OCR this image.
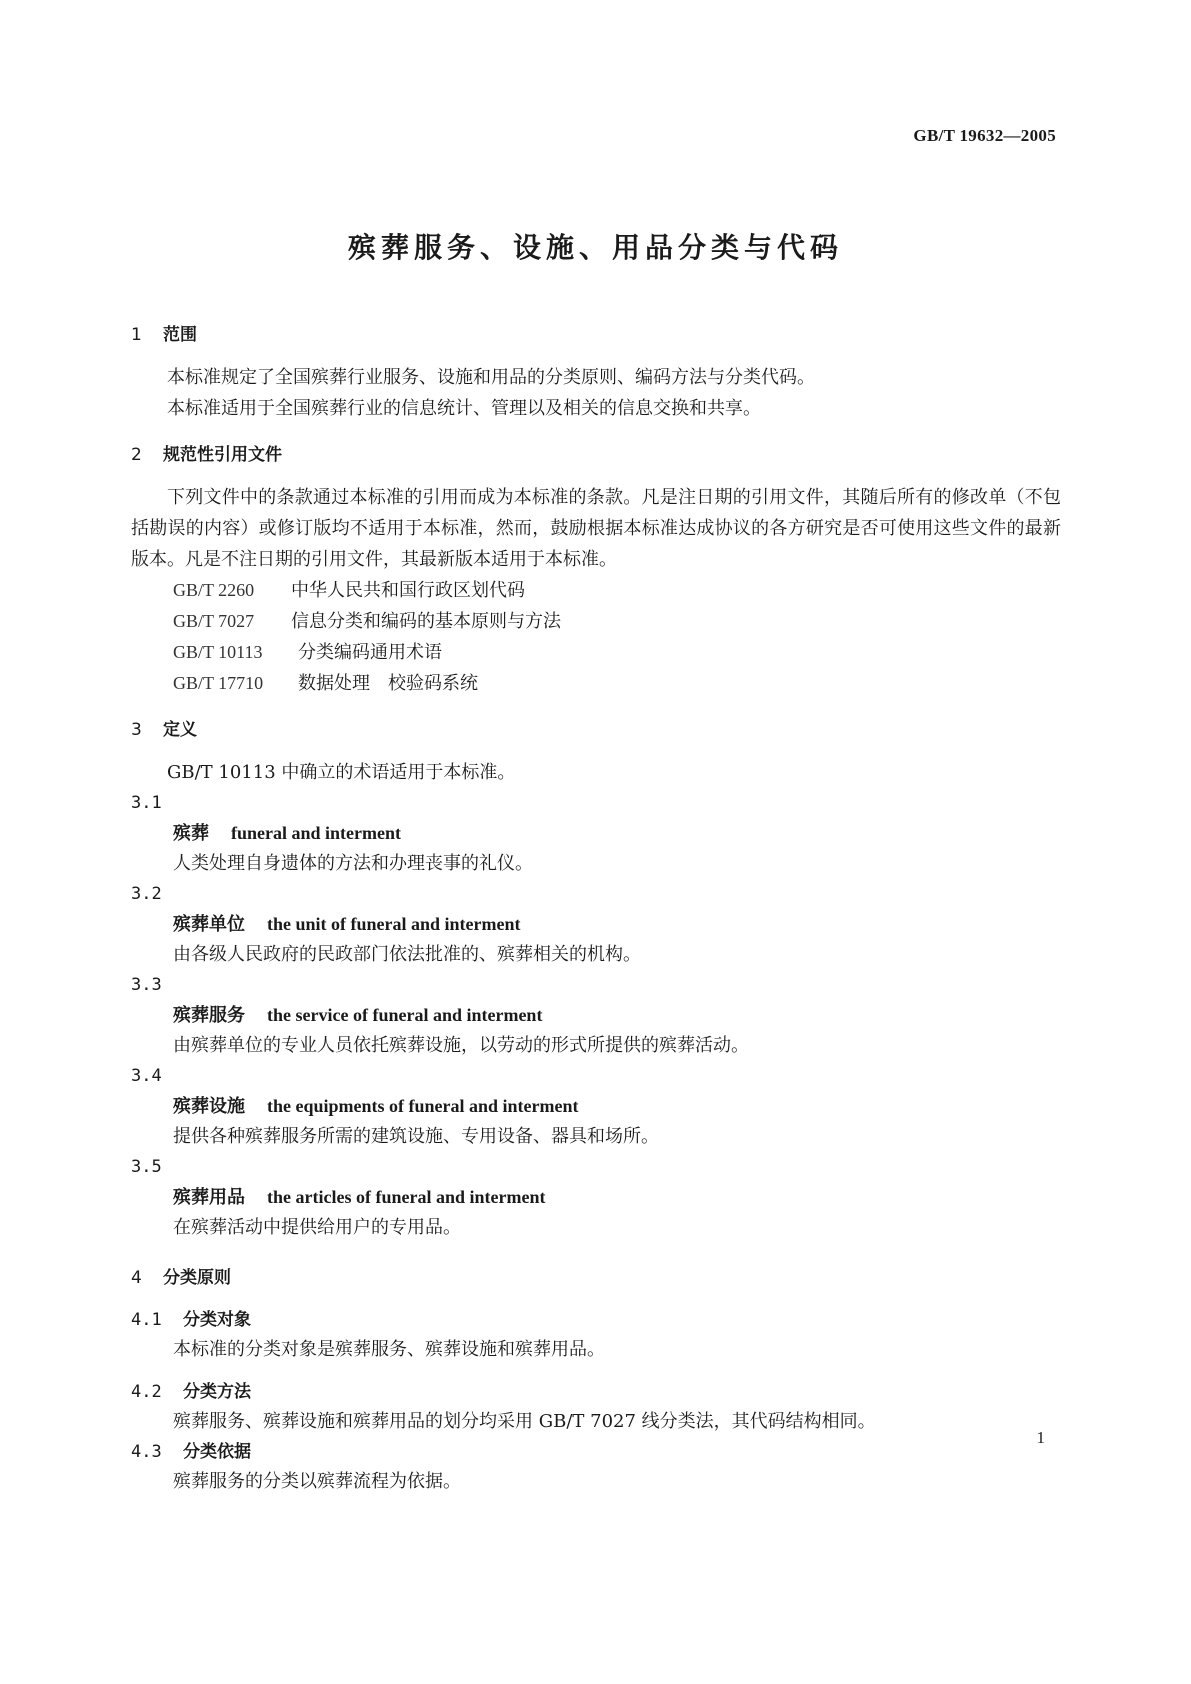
GB/T 19632—2005
殡葬服务、设施、用品分类与代码
1 范围
本标准规定了全国殡葬行业服务、设施和用品的分类原则、编码方法与分类代码。
本标准适用于全国殡葬行业的信息统计、管理以及相关的信息交换和共享。
2 规范性引用文件
下列文件中的条款通过本标准的引用而成为本标准的条款。凡是注日期的引用文件，其随后所有的修改单（不包括勘误的内容）或修订版均不适用于本标准，然而，鼓励根据本标准达成协议的各方研究是否可使用这些文件的最新版本。凡是不注日期的引用文件，其最新版本适用于本标准。
GB/T 2260 中华人民共和国行政区划代码
GB/T 7027 信息分类和编码的基本原则与方法
GB/T 10113 分类编码通用术语
GB/T 17710 数据处理　校验码系统
3 定义
GB/T 10113 中确立的术语适用于本标准。
3.1
殡葬 funeral and interment
人类处理自身遗体的方法和办理丧事的礼仪。
3.2
殡葬单位 the unit of funeral and interment
由各级人民政府的民政部门依法批准的、殡葬相关的机构。
3.3
殡葬服务 the service of funeral and interment
由殡葬单位的专业人员依托殡葬设施，以劳动的形式所提供的殡葬活动。
3.4
殡葬设施 the equipments of funeral and interment
提供各种殡葬服务所需的建筑设施、专用设备、器具和场所。
3.5
殡葬用品 the articles of funeral and interment
在殡葬活动中提供给用户的专用品。
4 分类原则
4.1 分类对象
本标准的分类对象是殡葬服务、殡葬设施和殡葬用品。
4.2 分类方法
殡葬服务、殡葬设施和殡葬用品的划分均采用 GB/T 7027 线分类法，其代码结构相同。
4.3 分类依据
殡葬服务的分类以殡葬流程为依据。
1
